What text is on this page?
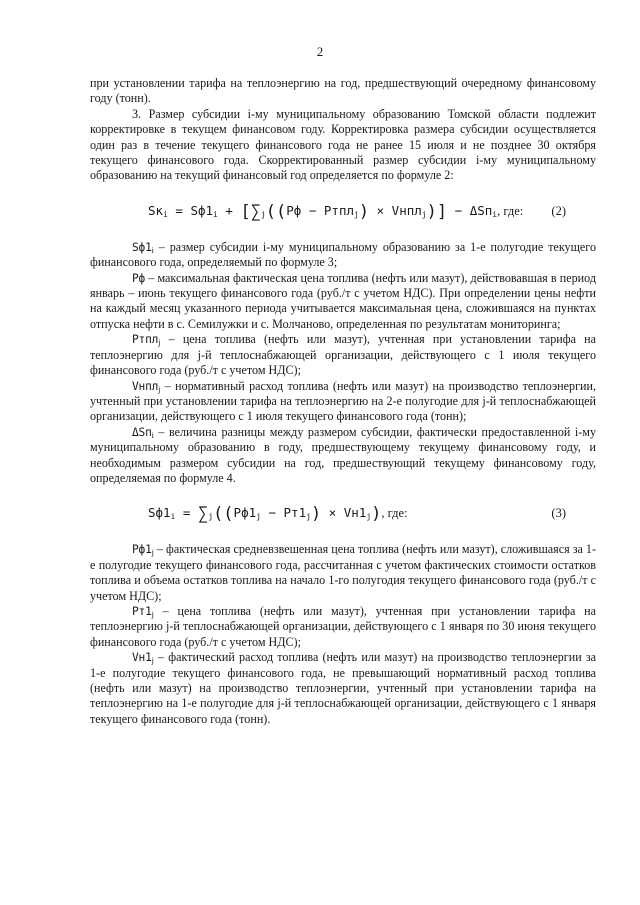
2

при установлении тарифа на теплоэнергию на год, предшествующий очередному финансовому году (тонн).

3. Размер субсидии i-му муниципальному образованию Томской области подлежит корректировке в текущем финансовом году. Корректировка размера субсидии осуществляется один раз в течение текущего финансового года не ранее 15 июля и не позднее 30 октября текущего финансового года. Скорректированный размер субсидии i-му муниципальному образованию на текущий финансовый год определяется по формуле 2:

$Sк_i = Sф1_i + [\sum_j((Pф$ − Pтпл$_j$) × Vнпл$_j$)] − ΔSп$_i$, где: (2)

$Sф1_i$ – размер субсидии i-му муниципальному образованию за 1-е полугодие текущего финансового года, определяемый по формуле 3;

Pф – максимальная фактическая цена топлива (нефть или мазут), действовавшая в период январь – июнь текущего финансового года (руб./т с учетом НДС). При определении цены нефти на каждый месяц указанного периода учитывается максимальная цена, сложившаяся на пунктах отпуска нефти в с. Семилужки и с. Молчаново, определенная по результатам мониторинга;

Pтпл$_j$ – цена топлива (нефть или мазут), учтенная при установлении тарифа на теплоэнергию для j-й теплоснабжающей организации, действующего с 1 июля текущего финансового года (руб./т с учетом НДС);

Vнпл$_j$ – нормативный расход топлива (нефть или мазут) на производство теплоэнергии, учтенный при установлении тарифа на теплоэнергию на 2-е полугодие для j-й теплоснабжающей организации, действующего с 1 июля текущего финансового года (тонн);

ΔSп$_i$ – величина разницы между размером субсидии, фактически предоставленной i-му муниципальному образованию в году, предшествующему текущему финансовому году, и необходимым размером субсидии на год, предшествующий текущему финансовому году, определяемая по формуле 4.

$Sф1_i = \sum_j((Pф1_j - Pт1_j) \times Vн1_j)$, где:	(3)

$Pф1_j$ – фактическая средневзвешенная цена топлива (нефть или мазут), сложившаяся за 1-е полугодие текущего финансового года, рассчитанная с учетом фактических стоимости остатков топлива и объема остатков топлива на начало 1-го полугодия текущего финансового года (руб./т с учетом НДС);

$Pт1_j$ – цена топлива (нефть или мазут), учтенная при установлении тарифа на теплоэнергию j-й теплоснабжающей организации, действующего с 1 января по 30 июня текущего финансового года (руб./т с учетом НДС);

$Vн1_j$ – фактический расход топлива (нефть или мазут) на производство теплоэнергии за 1-е полугодие текущего финансового года, не превышающий нормативный расход топлива (нефть или мазут) на производство теплоэнергии, учтенный при установлении тарифа на теплоэнергию на 1-е полугодие для j-й теплоснабжающей организации, действующего с 1 января текущего финансового года (тонн).
